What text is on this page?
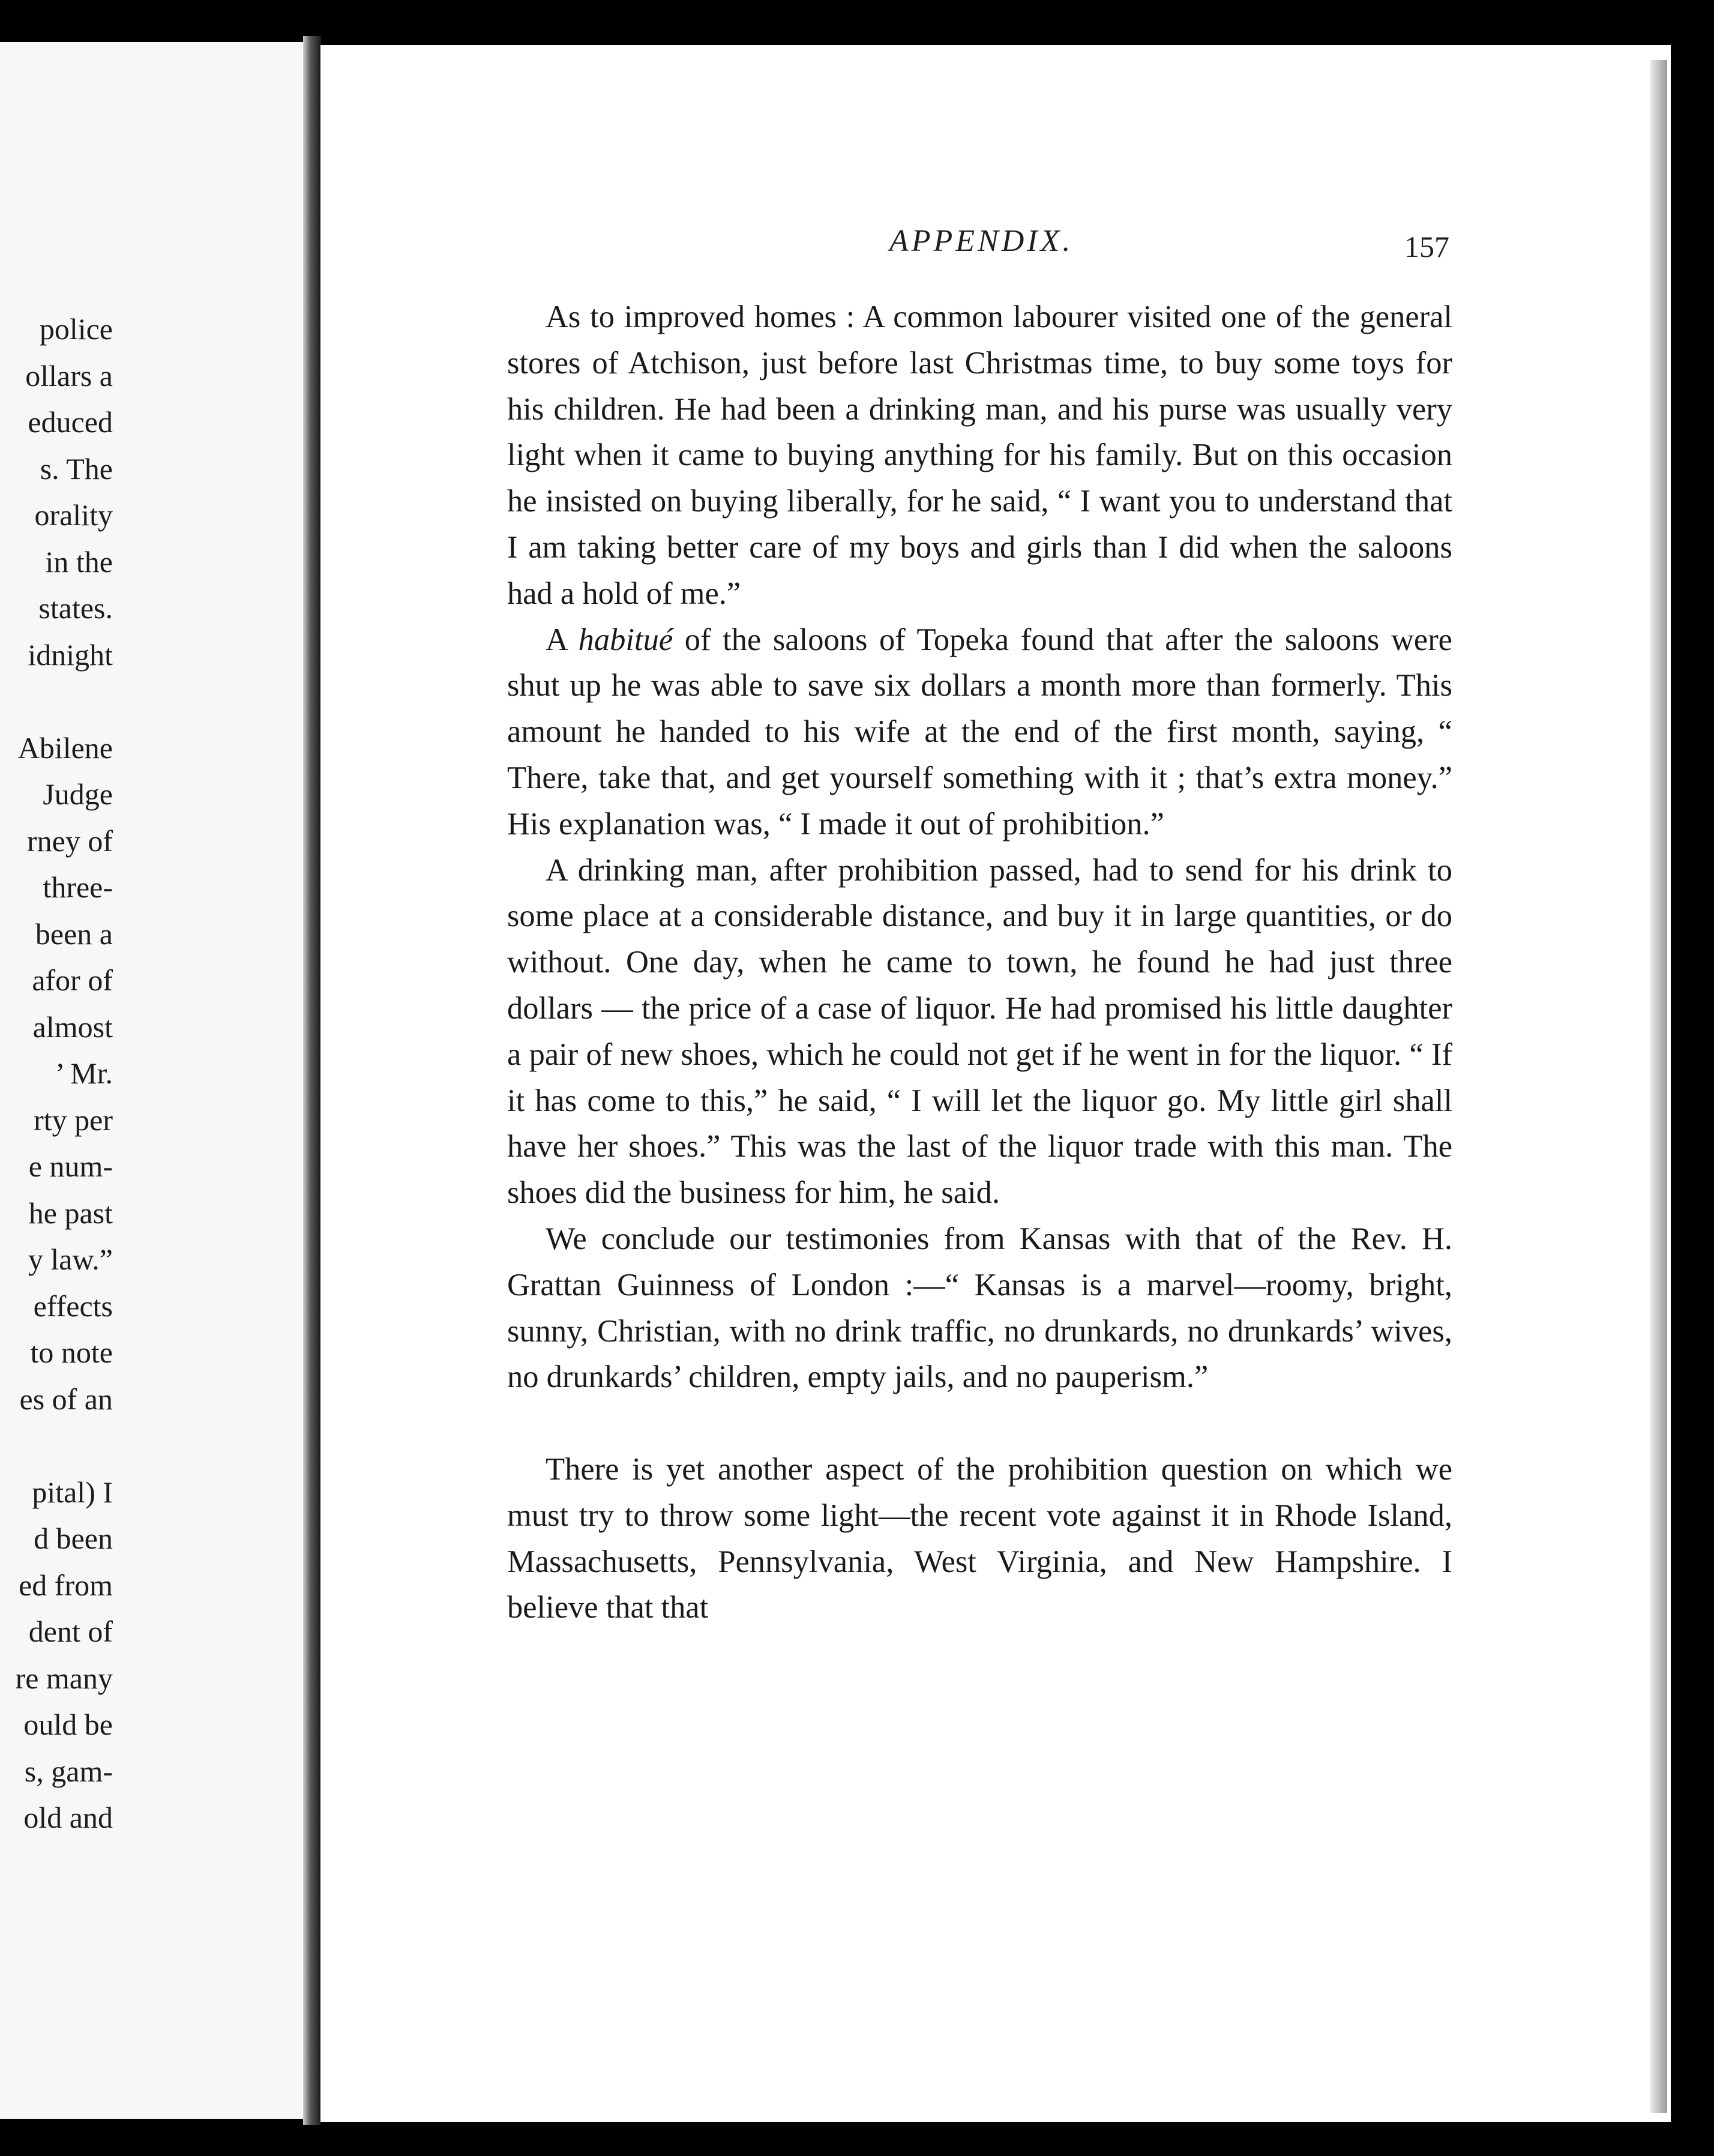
police
ollars a
educed
s. The
orality
in the
states.
idnight
Abilene
Judge
rney of
three-
been a
afor of
almost
’ Mr.
rty per
e num-
he past
y law.”
effects
to note
es of an
pital) I
d been
ed from
dent of
re many
ould be
s, gam-
old and
APPENDIX.	157

As to improved homes : A common labourer visited one of the general stores of Atchison, just before last Christmas time, to buy some toys for his children. He had been a drinking man, and his purse was usually very light when it came to buying anything for his family. But on this occasion he insisted on buying liberally, for he said, “ I want you to understand that I am taking better care of my boys and girls than I did when the saloons had a hold of me.”

A habitué of the saloons of Topeka found that after the saloons were shut up he was able to save six dollars a month more than formerly. This amount he handed to his wife at the end of the first month, saying, “ There, take that, and get yourself something with it ; that’s extra money.” His explanation was, “ I made it out of prohibition.”

A drinking man, after prohibition passed, had to send for his drink to some place at a considerable distance, and buy it in large quantities, or do without. One day, when he came to town, he found he had just three dollars — the price of a case of liquor. He had promised his little daughter a pair of new shoes, which he could not get if he went in for the liquor. “ If it has come to this,” he said, “ I will let the liquor go. My little girl shall have her shoes.” This was the last of the liquor trade with this man. The shoes did the business for him, he said.

We conclude our testimonies from Kansas with that of the Rev. H. Grattan Guinness of London :—“ Kansas is a marvel—roomy, bright, sunny, Christian, with no drink traffic, no drunkards, no drunkards’ wives, no drunkards’ children, empty jails, and no pauperism.”

There is yet another aspect of the prohibition question on which we must try to throw some light—the recent vote against it in Rhode Island, Massachusetts, Pennsylvania, West Virginia, and New Hampshire. I believe that that
